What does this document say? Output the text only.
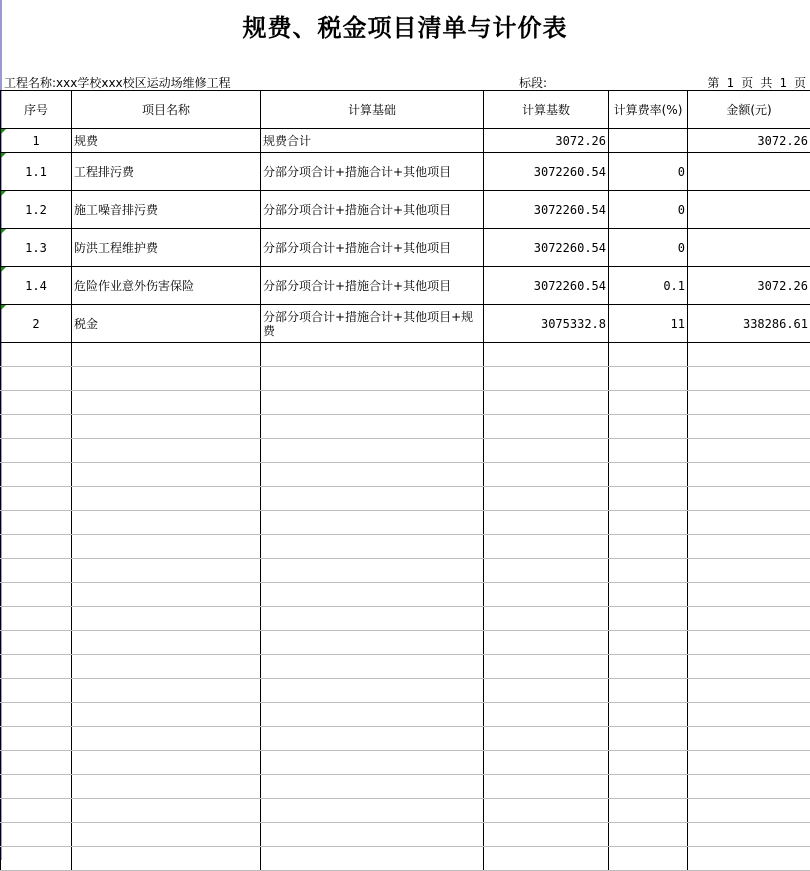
规费、税金项目清单与计价表
工程名称:xxx学校xxx校区运动场维修工程	标段:	第 1 页 共 1 页
序号	项目名称	计算基础	计算基数	计算费率(%)	金额(元)

1	规费	规费合计	3072.26		3072.26

1.1	工程排污费	分部分项合计+措施合计+其他项目	3072260.54	0	

1.2	施工噪音排污费	分部分项合计+措施合计+其他项目	3072260.54	0	

1.3	防洪工程维护费	分部分项合计+措施合计+其他项目	3072260.54	0	

1.4	危险作业意外伤害保险	分部分项合计+措施合计+其他项目	3072260.54	0.1	3072.26

2	税金	分部分项合计+措施合计+其他项目+规费	3075332.8	11	338286.61
